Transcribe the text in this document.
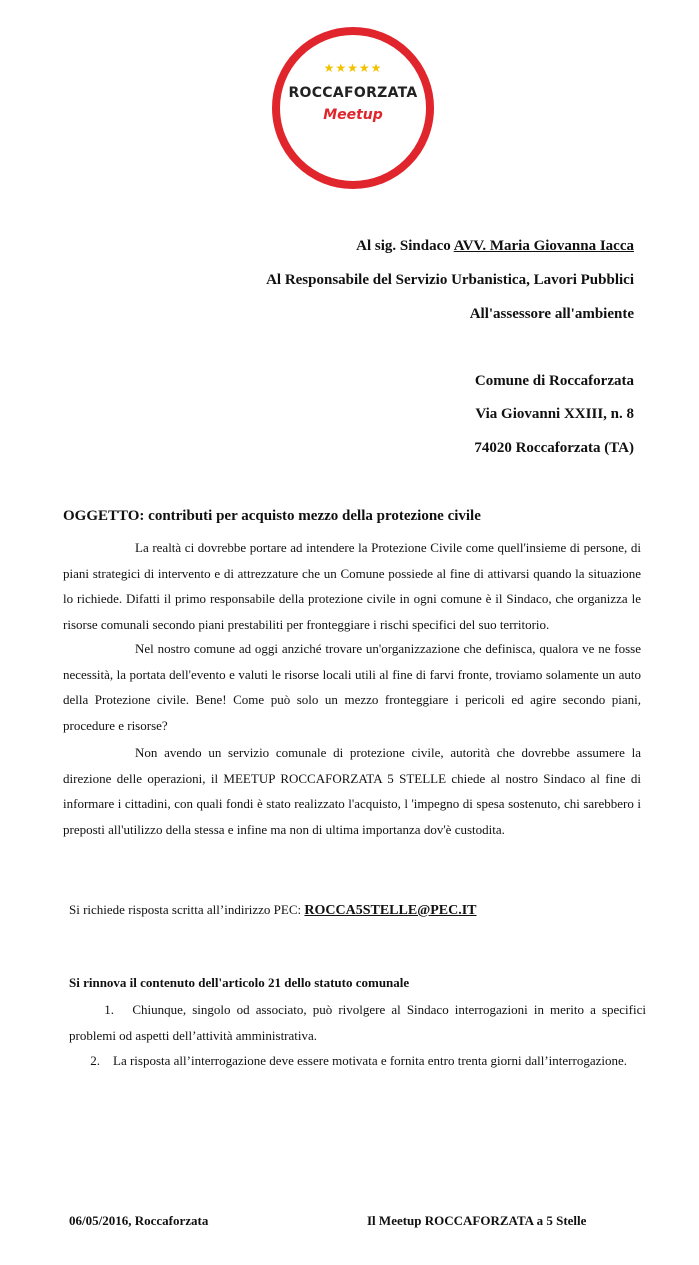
★★★★★
ROCCAFORZATA
Meetup
Al sig. Sindaco AVV. Maria Giovanna Iacca
Al Responsabile del Servizio Urbanistica, Lavori Pubblici
All'assessore all'ambiente
Comune di Roccaforzata
Via Giovanni XXIII, n. 8
74020 Roccaforzata (TA)
OGGETTO: contributi per acquisto mezzo della protezione civile

La realtà ci dovrebbe portare ad intendere la Protezione Civile come quell'insieme di persone, di piani strategici di intervento e di attrezzature che un Comune possiede al fine di attivarsi quando la situazione lo richiede. Difatti il primo responsabile della protezione civile in ogni comune è il Sindaco, che organizza le risorse comunali secondo piani prestabiliti per fronteggiare i rischi specifici del suo territorio.

Nel nostro comune ad oggi anziché trovare un'organizzazione che definisca, qualora ve ne fosse necessità, la portata dell'evento e valuti le risorse locali utili al fine di farvi fronte, troviamo solamente un auto della Protezione civile. Bene! Come può solo un mezzo fronteggiare i pericoli ed agire secondo piani, procedure e risorse?

Non avendo un servizio comunale di protezione civile, autorità che dovrebbe assumere la direzione delle operazioni, il MEETUP ROCCAFORZATA 5 STELLE chiede al nostro Sindaco al fine di informare i cittadini, con quali fondi è stato realizzato l'acquisto, l 'impegno di spesa sostenuto, chi sarebbero i preposti all'utilizzo della stessa e infine ma non di ultima importanza dov'è custodita.

Si richiede risposta scritta all’indirizzo PEC: ROCCA5STELLE@PEC.IT
Si rinnova il contenuto dell'articolo 21 dello statuto comunale
1. Chiunque, singolo od associato, può rivolgere al Sindaco interrogazioni in merito a specifici problemi od aspetti dell’attività amministrativa.
2. La risposta all’interrogazione deve essere motivata e fornita entro trenta giorni dall’interrogazione.
06/05/2016, Roccaforzata	Il Meetup ROCCAFORZATA a 5 Stelle
